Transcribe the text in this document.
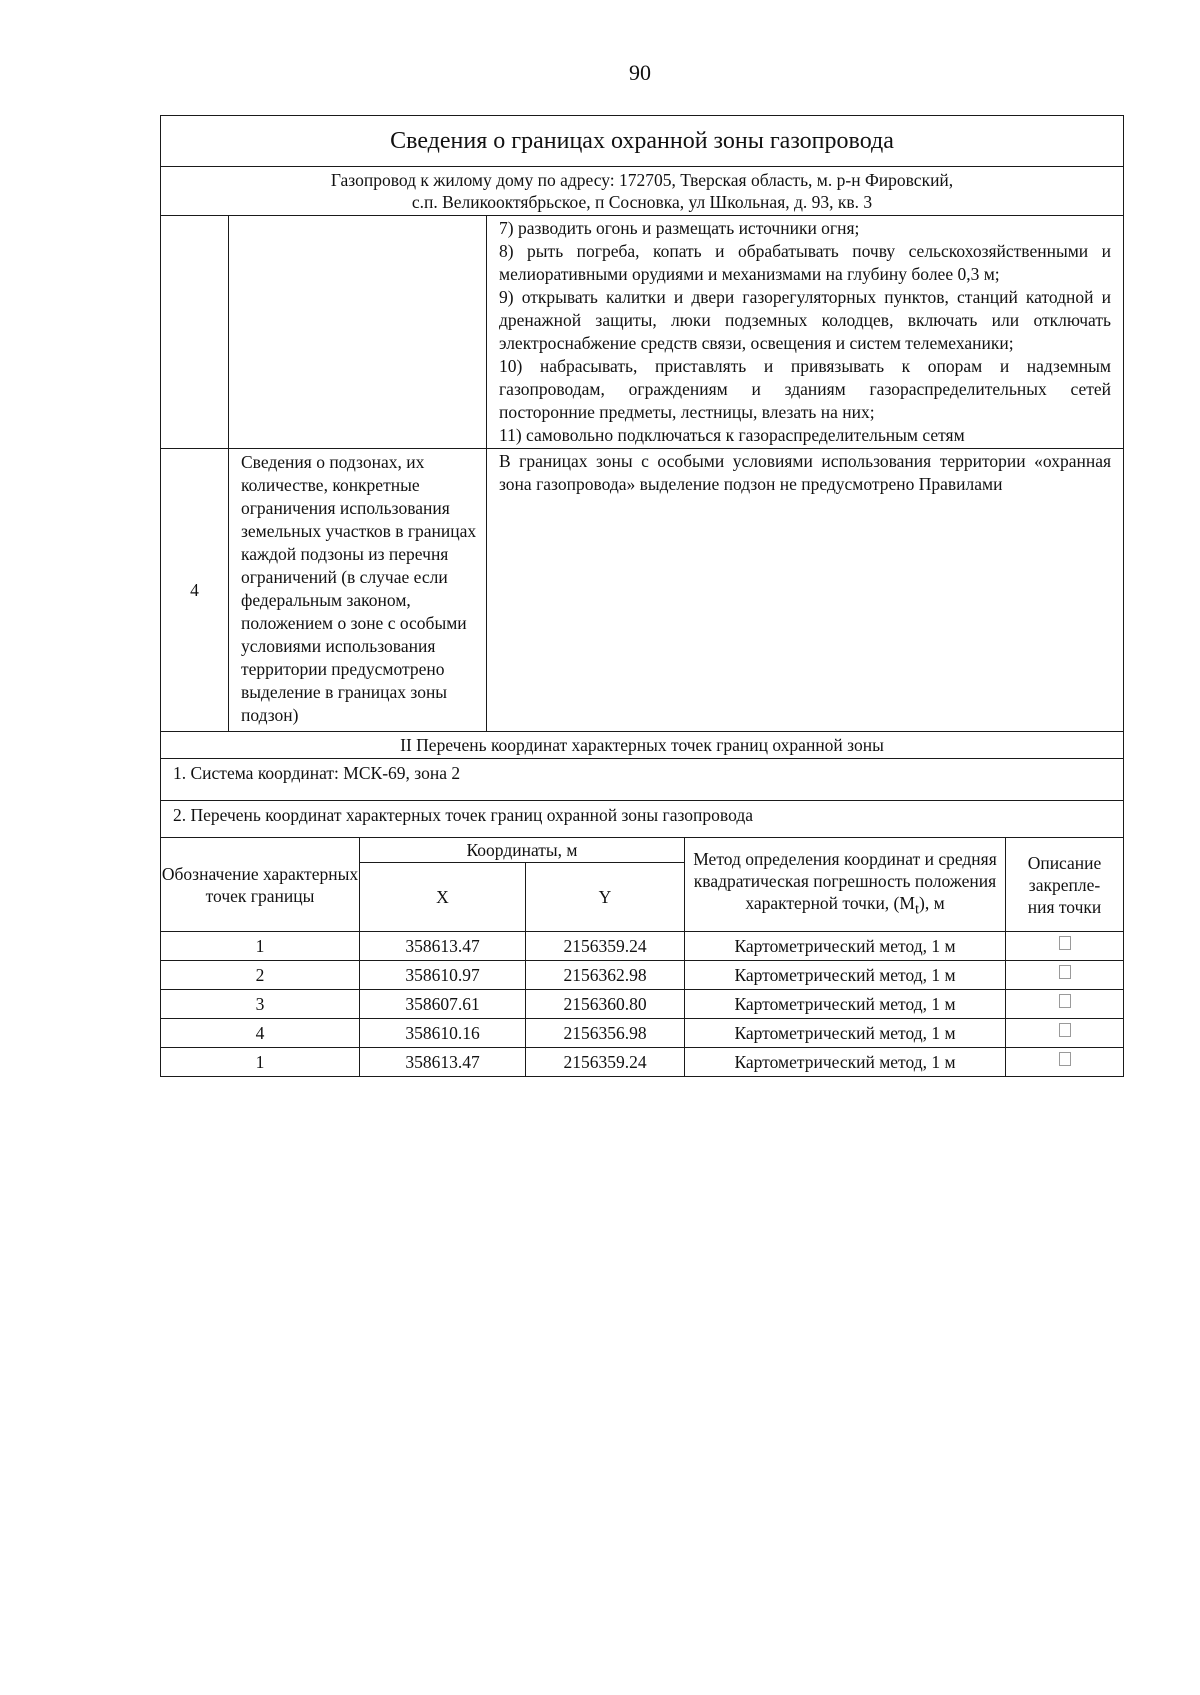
90
Сведения о границах охранной зоны газопровода		

Газопровод к жилому дому по адресу: 172705, Тверская область, м. р-н Фировский,
с.п. Великооктябрьское, п Сосновка, ул Школьная, д. 93, кв. 3		

		7) разводить огонь и размещать источники огня;

8) рыть погреба, копать и обрабатывать почву сельскохозяйственными и мелиоративными орудиями и механизмами на глубину более 0,3 м;

9) открывать калитки и двери газорегуляторных пунктов, станций катодной и дренажной защиты, люки подземных колодцев, включать или отключать электроснабжение средств связи, освещения и систем телемеханики;

10) набрасывать, приставлять и привязывать к опорам и надземным газопроводам, ограждениям и зданиям газораспределительных сетей посторонние предметы, лестницы, влезать на них;

11) самовольно подключаться к газораспределительным сетям

4	Сведения о подзонах, их количестве, конкретные ограничения использования земельных участков в границах каждой подзоны из перечня ограничений (в случае если федеральным законом, положением о зоне с особыми условиями использования территории предусмотрено выделение в границах зоны подзон)	В границах зоны с особыми условиями использования территории «охранная зона газопровода» выделение подзон не предусмотрено Правилами
II Перечень координат характерных точек границ охранной зоны		
1. Система координат: МСК-69, зона 2		
2. Перечень координат характерных точек границ охранной зоны газопровода		
Обозначение характерных точек границы	Координаты, м		Метод определения координат и средняя квадратическая погрешность положения характерной точки, $(M_t)$, м	Описание закрепле-ния точки
	X	Y		
1	358613.47	2156359.24	Картометрический метод, 1 м	
2	358610.97	2156362.98	Картометрический метод, 1 м	
3	358607.61	2156360.80	Картометрический метод, 1 м	
4	358610.16	2156356.98	Картометрический метод, 1 м	
1	358613.47	2156359.24	Картометрический метод, 1 м	
